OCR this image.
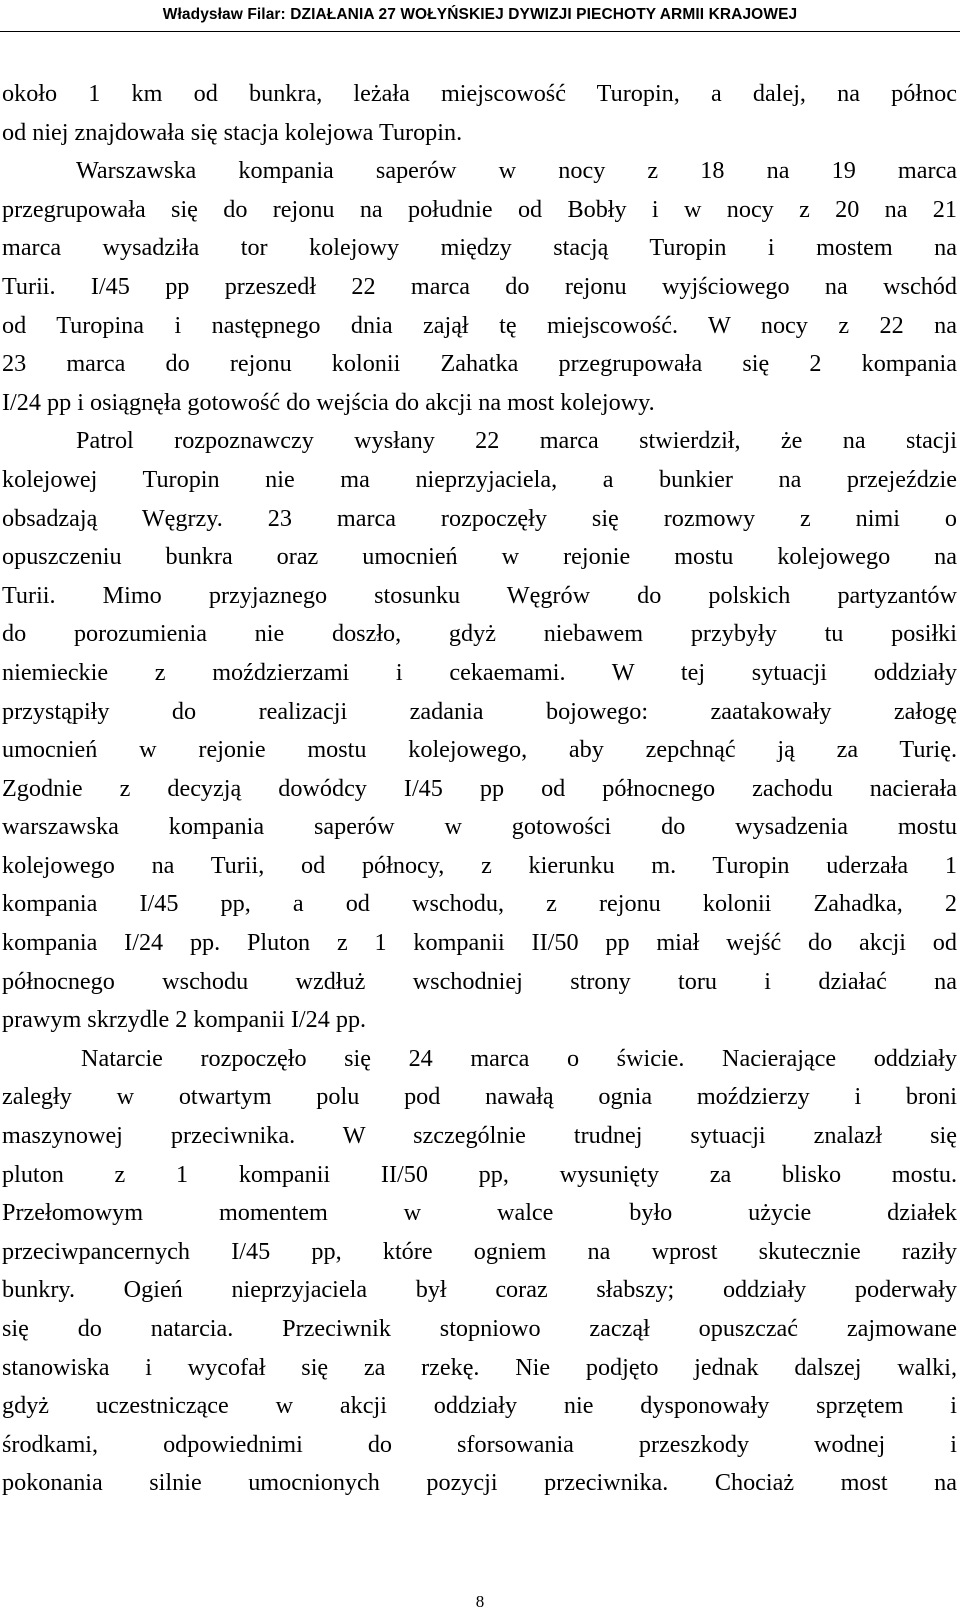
Władysław Filar: DZIAŁANIA 27 WOŁYŃSKIEJ DYWIZJI PIECHOTY ARMII KRAJOWEJ
około 1 km od bunkra, leżała miejscowość Turopin, a dalej, na północ
od niej znajdowała się stacja kolejowa Turopin.
Warszawska kompania saperów w nocy z 18 na 19 marca
przegrupowała się do rejonu na południe od Bobły i w nocy z 20 na 21
marca wysadziła tor kolejowy między stacją Turopin i mostem na
Turii. I/45 pp przeszedł 22 marca do rejonu wyjściowego na wschód
od Turopina i następnego dnia zajął tę miejscowość. W nocy z 22 na
23 marca do rejonu kolonii Zahatka przegrupowała się 2 kompania
I/24 pp i osiągnęła gotowość do wejścia do akcji na most kolejowy.
Patrol rozpoznawczy wysłany 22 marca stwierdził, że na stacji
kolejowej Turopin nie ma nieprzyjaciela, a bunkier na przejeździe
obsadzają Węgrzy. 23 marca rozpoczęły się rozmowy z nimi o
opuszczeniu bunkra oraz umocnień w rejonie mostu kolejowego na
Turii. Mimo przyjaznego stosunku Węgrów do polskich partyzantów
do porozumienia nie doszło, gdyż niebawem przybyły tu posiłki
niemieckie z moździerzami i cekaemami. W tej sytuacji oddziały
przystąpiły do realizacji zadania bojowego: zaatakowały załogę
umocnień w rejonie mostu kolejowego, aby zepchnąć ją za Turię.
Zgodnie z decyzją dowódcy I/45 pp od północnego zachodu nacierała
warszawska kompania saperów w gotowości do wysadzenia mostu
kolejowego na Turii, od północy, z kierunku m. Turopin uderzała 1
kompania I/45 pp, a od wschodu, z rejonu kolonii Zahadka, 2
kompania I/24 pp. Pluton z 1 kompanii II/50 pp miał wejść do akcji od
północnego wschodu wzdłuż wschodniej strony toru i działać na
prawym skrzydle 2 kompanii I/24 pp.
Natarcie rozpoczęło się 24 marca o świcie. Nacierające oddziały
zaległy w otwartym polu pod nawałą ognia moździerzy i broni
maszynowej przeciwnika. W szczególnie trudnej sytuacji znalazł się
pluton z 1 kompanii II/50 pp, wysunięty za blisko mostu.
Przełomowym momentem w walce było użycie działek
przeciwpancernych I/45 pp, które ogniem na wprost skutecznie raziły
bunkry. Ogień nieprzyjaciela był coraz słabszy; oddziały poderwały
się do natarcia. Przeciwnik stopniowo zaczął opuszczać zajmowane
stanowiska i wycofał się za rzekę. Nie podjęto jednak dalszej walki,
gdyż uczestniczące w akcji oddziały nie dysponowały sprzętem i
środkami, odpowiednimi do sforsowania przeszkody wodnej i
pokonania silnie umocnionych pozycji przeciwnika. Chociaż most na
8
